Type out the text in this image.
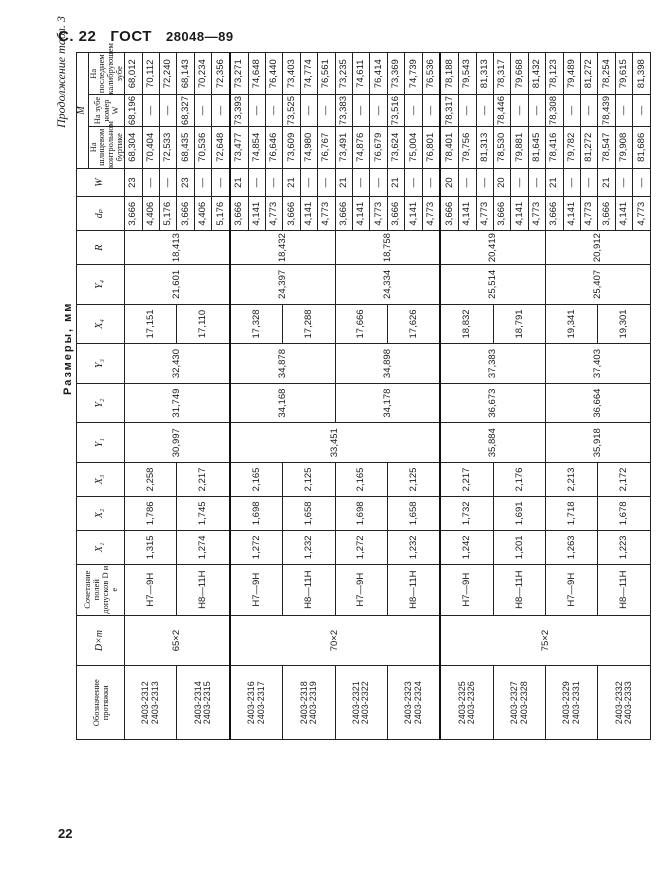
С. 22 ГОСТ 28048—89
Продолжение табл. 3
Размеры, мм
Обозначение протяжки	D×m	Сочетание полей допусков D и e	X₁	X₂	X₃	Y₁	Y₂	Y₃	X₄	Y₄	R	dₚ	W	M		
														На шлицевом контрольном буртике	На зубе номер W	На последнем калибрующем зубе

2403-2312 2403-2313	65×2	H7—9H	1,315	1,786	2,258	30,997	31,749	32,430	17,151	21,601	18,413	3,666	23	68,304	68,196	68,012
												4,406	—	70,404	—	70,112
												5,176	—	72,533	—	72,240

2403-2314 2403-2315		H8—11H	1,274	1,745	2,217				17,110			3,666	23	68,435	68,327	68,143
												4,406	—	70,536	—	70,234
												5,176	—	72,648	—	72,356

2403-2316 2403-2317	70×2	H7—9H	1,272	1,698	2,165	33,451	34,168	34,878	17,328	24,397	18,432	3,666	21	73,477	73,393	73,271
												4,141	—	74,854	—	74,648
												4,773	—	76,646	—	76,440

2403-2318 2403-2319		H8—11H	1,232	1,658	2,125				17,288			3,666	21	73,609	73,525	73,403
												4,141	—	74,980	—	74,774
												4,773	—	76,767	—	76,561

2403-2321 2403-2322		H7—9H	1,272	1,698	2,165		34,178	34,898	17,666	24,334	18,758	3,666	21	73,491	73,383	73,235
												4,141	—	74,876	—	74,611
												4,773	—	76,679	—	76,414

2403-2323 2403-2324		H8—11H	1,232	1,658	2,125				17,626			3,666	21	73,624	73,516	73,369
												4,141	—	75,004	—	74,739
												4,773	—	76,801	—	76,536

2403-2325 2403-2326	75×2	H7—9H	1,242	1,732	2,217	35,884	36,673	37,383	18,832	25,514	20,419	3,666	20	78,401	78,317	78,188
												4,141	—	79,756	—	79,543
												4,773	—	81,313	—	81,313

2403-2327 2403-2328		H8—11H	1,201	1,691	2,176				18,791			3,666	20	78,530	78,446	78,317
												4,141	—	79,881	—	79,668
												4,773	—	81,645	—	81,432

2403-2329 2403-2331		H7—9H	1,263	1,718	2,213	35,918	36,664	37,403	19,341	25,407	20,912	3,666	21	78,416	78,308	78,123
												4,141	—	79,782	—	79,489
												4,773	—	81,272	—	81,272

2403-2332 2403-2333		H8—11H	1,223	1,678	2,172				19,301			3,666	21	78,547	78,439	78,254
												4,141	—	79,908	—	79,615
												4,773	—	81,686	—	81,398
22
